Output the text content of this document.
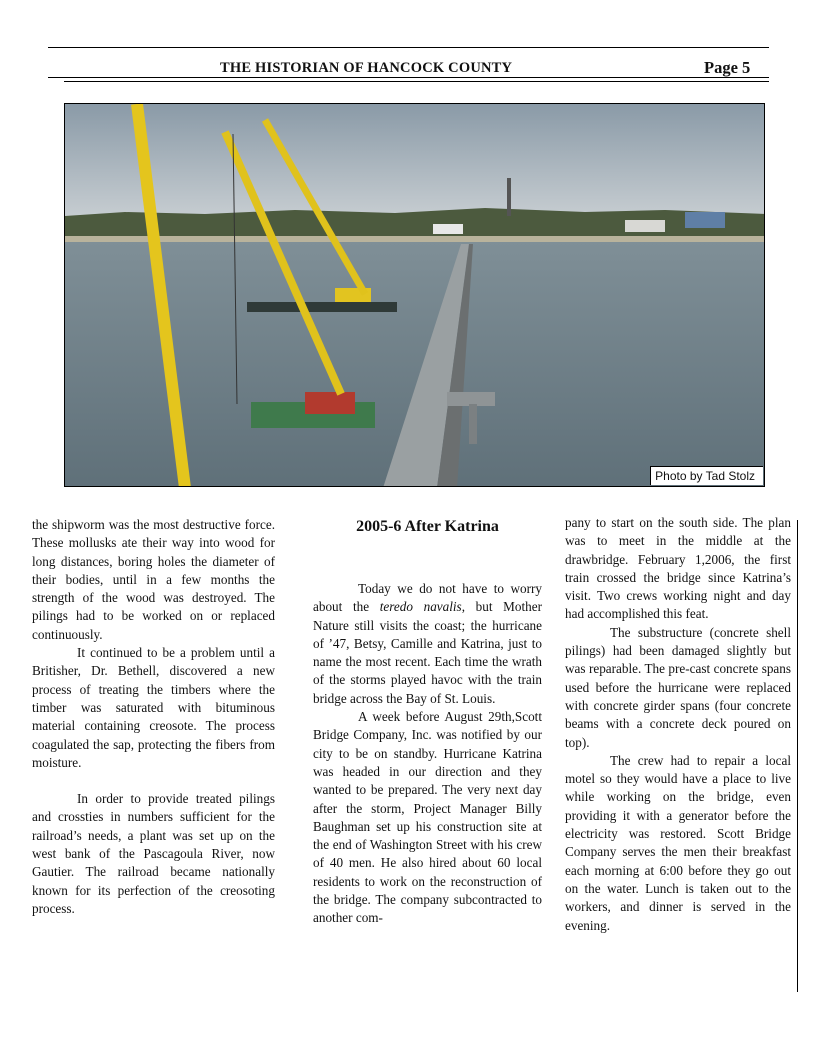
THE HISTORIAN OF HANCOCK COUNTY	Page 5
Photo by Tad Stolz

the shipworm was the most destructive force. These mollusks ate their way into wood for long distances, boring holes the diameter of their bodies, until in a few months the strength of the wood was destroyed. The pilings had to be worked on or replaced continuously.

It continued to be a problem until a Britisher, Dr. Bethell, discovered a new process of treating the timbers where the timber was saturated with bituminous material containing creosote. The process coagulated the sap, protecting the fibers from moisture.

In order to provide treated pilings and crossties in numbers sufficient for the railroad’s needs, a plant was set up on the west bank of the Pascagoula River, now Gautier. The railroad became nationally known for its perfection of the creosoting process.

2005-6 After Katrina

Today we do not have to worry about the teredo navalis, but Mother Nature still visits the coast; the hurricane of ’47, Betsy, Camille and Katrina, just to name the most recent. Each time the wrath of the storms played havoc with the train bridge across the Bay of St. Louis.

A week before August 29th,Scott Bridge Company, Inc. was notified by our city to be on standby. Hurricane Katrina was headed in our direction and they wanted to be prepared. The very next day after the storm, Project Manager Billy Baughman set up his construction site at the end of Washington Street with his crew of 40 men. He also hired about 60 local residents to work on the reconstruction of the bridge. The company subcontracted to another com-

pany to start on the south side. The plan was to meet in the middle at the drawbridge. February 1,2006, the first train crossed the bridge since Katrina’s visit. Two crews working night and day had accomplished this feat.

The substructure (concrete shell pilings) had been damaged slightly but was reparable. The pre-cast concrete spans used before the hurricane were replaced with concrete girder spans (four concrete beams with a concrete deck poured on top).

The crew had to repair a local motel so they would have a place to live while working on the bridge, even providing it with a generator before the electricity was restored. Scott Bridge Company serves the men their breakfast each morning at 6:00 before they go out on the water. Lunch is taken out to the workers, and dinner is served in the evening.
